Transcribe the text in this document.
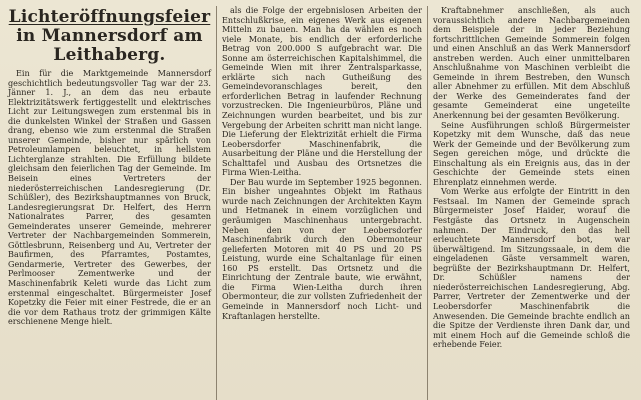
Lichteröffnungsfeier
in Mannersdorf am Leithaberg.

Ein für die Marktgemeinde Mannersdorf geschichtlich bedeutungsvoller Tag war der 23. Jänner 1. J., an dem das neu erbaute Elektrizitätswerk fertiggestellt und elektrisches Licht zur Leitungswegen zum erstenmal bis in die dunkelsten Winkel der Straßen und Gassen drang, ebenso wie zum erstenmal die Straßen unserer Gemeinde, bisher nur spärlich von Petroleumlampen beleuchtet, in hellstem Lichterglanze strahlten. Die Erfüllung bildete gleichsam den feierlichen Tag der Gemeinde. Im Beisein eines Vertreters der niederösterreichischen Landesregierung (Dr. Schüßler), des Bezirkshauptmannes von Bruck, Landesregierungsrat Dr. Helfert, des Herrn Nationalrates Parrer, des gesamten Gemeinderates unserer Gemeinde, mehrerer Vertreter der Nachbargemeinden Sommerein, Göttlesbrunn, Reisenberg und Au, Vertreter der Baufirmen, des Pfarramtes, Postamtes, Gendarmerie, Vertreter des Gewerbes, der Perlmooser Zementwerke und der Maschinenfabrik Keleti wurde das Licht zum erstenmal eingeschaltet. Bürgermeister Josef Kopetzky die Feier mit einer Festrede, die er an die vor dem Rathaus trotz der grimmigen Kälte erschienene Menge hielt.

als die Folge der ergebnislosen Arbeiten der Entschlußkrise, ein eigenes Werk aus eigenen Mitteln zu bauen. Man ha da wählen es noch viele Monate, bis endlich der erforderliche Betrag von 200.000 S aufgebracht war. Die Sonne am österreichischen Kapitalshimmel, die Gemeinde Wien mit ihrer Zentralsparkasse, erklärte sich nach Gutheißung des Gemeindevoranschlages bereit, den erforderlichen Betrag in laufender Rechnung vorzustrecken. Die Ingenieurbüros, Pläne und Zeichnungen wurden bearbeitet, und bis zur Vergebung der Arbeiten schritt man nicht lange. Die Lieferung der Elektrizität erhielt die Firma Leobersdorfer Maschinenfabrik, die Ausarbeitung der Pläne und die Herstellung der Schalttafel und Ausbau des Ortsnetzes die Firma Wien-Leitha.

Der Bau wurde im September 1925 begonnen. Ein bisher ungeahntes Objekt im Rathaus wurde nach Zeichnungen der Architekten Kaym und Hetmanek in einem vorzüglichen und geräumigen Maschinenhaus untergebracht. Neben den von der Leobersdorfer Maschinenfabrik durch den Obermonteur gelieferten Motoren mit 40 PS und 20 PS Leistung, wurde eine Schaltanlage für einen 160 PS erstellt. Das Ortsnetz und die Einrichtung der Zentrale baute, wie erwähnt, die Firma Wien-Leitha durch ihren Obermonteur, die zur vollsten Zufriedenheit der Gemeinde in Mannersdorf noch Licht- und Kraftanlagen herstellte.

Kraftabnehmer anschließen, als auch voraussichtlich andere Nachbargemeinden dem Beispiele der in jeder Beziehung fortschrittlichen Gemeinde Sommerein folgen und einen Anschluß an das Werk Mannersdorf anstreben werden. Auch einer unmittelbaren Anschlußnahme von Maschinen verbleibt die Gemeinde in ihrem Bestreben, den Wunsch aller Abnehmer zu erfüllen. Mit dem Abschluß der Werke des Gemeinderates fand der gesamte Gemeinderat eine ungeteilte Anerkennung bei der gesamten Bevölkerung.

Seine Ausführungen schloß Bürgermeister Kopetzky mit dem Wunsche, daß das neue Werk der Gemeinde und der Bevölkerung zum Segen gereichen möge, und drückte die Einschaltung als ein Ereignis aus, das in der Geschichte der Gemeinde stets einen Ehrenplatz einnehmen werde.

Vom Werke aus erfolgte der Eintritt in den Festsaal. Im Namen der Gemeinde sprach Bürgermeister Josef Haider, worauf die Festgäste das Ortsnetz in Augenschein nahmen. Der Eindruck, den das hell erleuchtete Mannersdorf bot, war überwältigend. Im Sitzungssaale, in dem die eingeladenen Gäste versammelt waren, begrüßte der Bezirkshauptmann Dr. Helfert, Dr. Schüßler namens der niederösterreichischen Landesregierung, Abg. Parrer, Vertreter der Zementwerke und der Leobersdorfer Maschinenfabrik die Anwesenden. Die Gemeinde brachte endlich an die Spitze der Verdienste ihren Dank dar, und mit einem Hoch auf die Gemeinde schloß die erhebende Feier.
